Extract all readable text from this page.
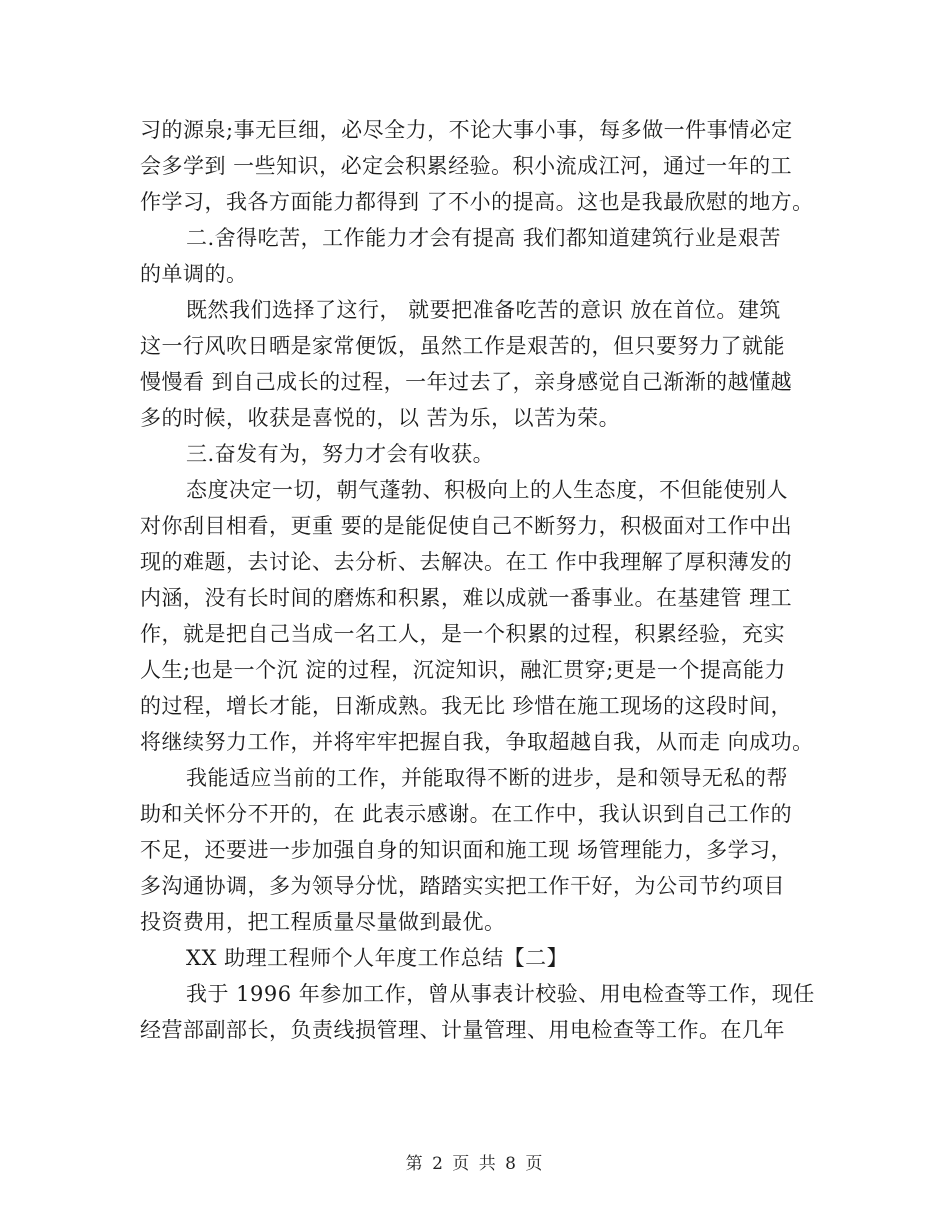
习的源泉;事无巨细，必尽全力，不论大事小事，每多做一件事情必定
会多学到 一些知识，必定会积累经验。积小流成江河，通过一年的工
作学习，我各方面能力都得到 了不小的提高。这也是我最欣慰的地方。
二.舍得吃苦，工作能力才会有提高 我们都知道建筑行业是艰苦
的单调的。
既然我们选择了这行， 就要把准备吃苦的意识 放在首位。建筑
这一行风吹日晒是家常便饭，虽然工作是艰苦的，但只要努力了就能
慢慢看 到自己成长的过程，一年过去了，亲身感觉自己渐渐的越懂越
多的时候，收获是喜悦的，以 苦为乐，以苦为荣。
三.奋发有为，努力才会有收获。
态度决定一切，朝气蓬勃、积极向上的人生态度，不但能使别人
对你刮目相看，更重 要的是能促使自己不断努力，积极面对工作中出
现的难题，去讨论、去分析、去解决。在工 作中我理解了厚积薄发的
内涵，没有长时间的磨炼和积累，难以成就一番事业。在基建管 理工
作，就是把自己当成一名工人，是一个积累的过程，积累经验，充实
人生;也是一个沉 淀的过程，沉淀知识，融汇贯穿;更是一个提高能力
的过程，增长才能，日渐成熟。我无比 珍惜在施工现场的这段时间，
将继续努力工作，并将牢牢把握自我，争取超越自我，从而走 向成功。
我能适应当前的工作，并能取得不断的进步，是和领导无私的帮
助和关怀分不开的，在 此表示感谢。在工作中，我认识到自己工作的
不足，还要进一步加强自身的知识面和施工现 场管理能力，多学习，
多沟通协调，多为领导分忧，踏踏实实把工作干好，为公司节约项目
投资费用，把工程质量尽量做到最优。
XX 助理工程师个人年度工作总结【二】
我于 1996 年参加工作，曾从事表计校验、用电检查等工作，现任
经营部副部长，负责线损管理、计量管理、用电检查等工作。在几年
第 2 页 共 8 页
